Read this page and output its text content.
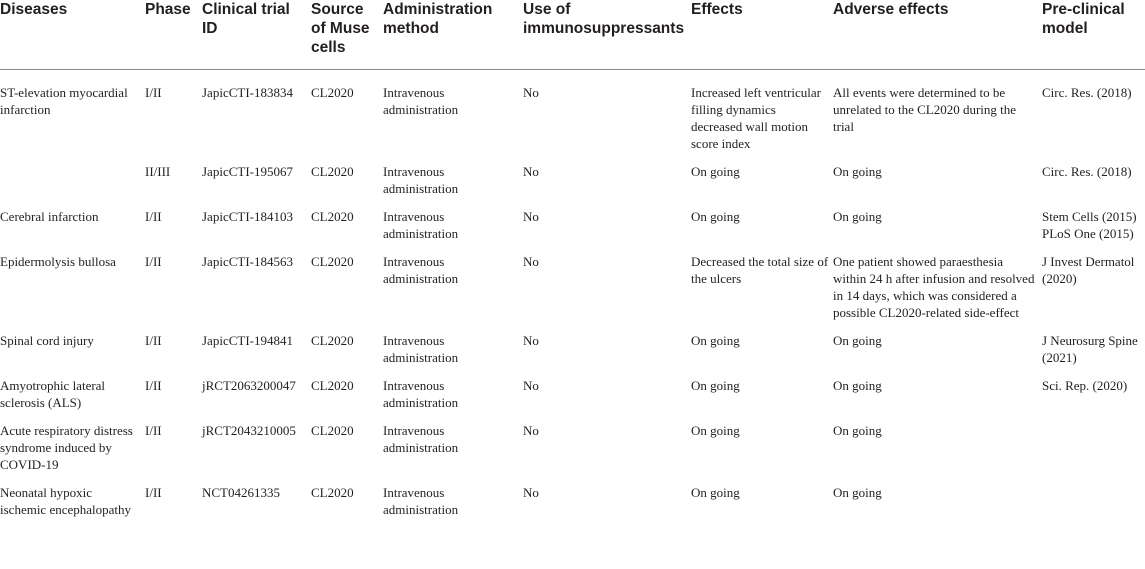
Diseases	Phase	Clinical trial ID	Source of Muse cells	Administration method	Use of immunosuppressants	Effects	Adverse effects	Pre-clinical model
ST-elevation myocardial infarction	I/II	JapicCTI-183834	CL2020	Intravenous administration	No	Increased left ventricular filling dynamics decreased wall motion score index	All events were determined to be unrelated to the CL2020 during the trial	Circ. Res. (2018)
	II/III	JapicCTI-195067	CL2020	Intravenous administration	No	On going	On going	Circ. Res. (2018)
Cerebral infarction	I/II	JapicCTI-184103	CL2020	Intravenous administration	No	On going	On going	Stem Cells (2015) PLoS One (2015)
Epidermolysis bullosa	I/II	JapicCTI-184563	CL2020	Intravenous administration	No	Decreased the total size of the ulcers	One patient showed paraesthesia within 24 h after infusion and resolved in 14 days, which was considered a possible CL2020-related side-effect	J Invest Dermatol (2020)
Spinal cord injury	I/II	JapicCTI-194841	CL2020	Intravenous administration	No	On going	On going	J Neurosurg Spine (2021)
Amyotrophic lateral sclerosis (ALS)	I/II	jRCT2063200047	CL2020	Intravenous administration	No	On going	On going	Sci. Rep. (2020)
Acute respiratory distress syndrome induced by COVID-19	I/II	jRCT2043210005	CL2020	Intravenous administration	No	On going	On going	
Neonatal hypoxic ischemic encephalopathy	I/II	NCT04261335	CL2020	Intravenous administration	No	On going	On going	
